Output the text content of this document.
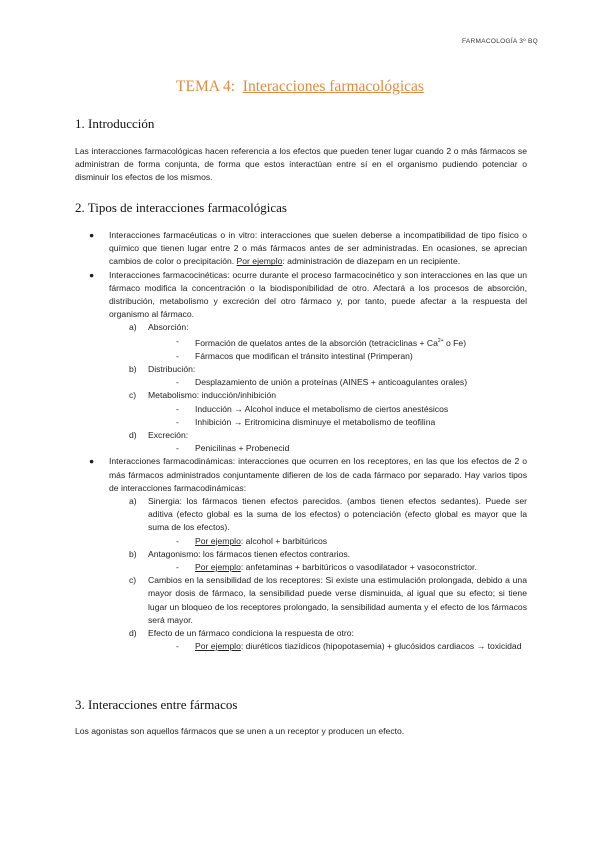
FARMACOLOGÍA 3º BQ
TEMA 4: Interacciones farmacológicas
1. Introducción

Las interacciones farmacológicas hacen referencia a los efectos que pueden tener lugar cuando 2 o más fármacos se administran de forma conjunta, de forma que estos interactúan entre sí en el organismo pudiendo potenciar o disminuir los efectos de los mismos.

2. Tipos de interacciones farmacológicas
● Interacciones farmacéuticas o in vitro: interacciones que suelen deberse a incompatibilidad de tipo físico o químico que tienen lugar entre 2 o más fármacos antes de ser administradas. En ocasiones, se aprecian cambios de color o precipitación. Por ejemplo: administración de diazepam en un recipiente.
● Interacciones farmacocinéticas: ocurre durante el proceso farmacocinético y son interacciones en las que un fármaco modifica la concentración o la biodisponibilidad de otro. Afectará a los procesos de absorción, distribución, metabolismo y excreción del otro fármaco y, por tanto, puede afectar a la respuesta del organismo al fármaco.
a) Absorción:
- Formación de quelatos antes de la absorción (tetraciclinas + $Ca^{2+}$ o Fe)
- Fármacos que modifican el tránsito intestinal (Primperan)
b) Distribución:
- Desplazamiento de unión a proteínas (AINES + anticoagulantes orales)
c) Metabolismo: inducción/inhibición
- Inducción → Alcohol induce el metabolismo de ciertos anestésicos
- Inhibición → Eritromicina disminuye el metabolismo de teofilina
d) Excreción:
- Penicilinas + Probenecid
● Interacciones farmacodinámicas: interacciones que ocurren en los receptores, en las que los efectos de 2 o más fármacos administrados conjuntamente difieren de los de cada fármaco por separado. Hay varios tipos de interacciones farmacodinámicas:
a) Sinergia: los fármacos tienen efectos parecidos. (ambos tienen efectos sedantes). Puede ser aditiva (efecto global es la suma de los efectos) o potenciación (efecto global es mayor que la suma de los efectos).
- Por ejemplo: alcohol + barbitúricos
b) Antagonismo: los fármacos tienen efectos contrarios.
- Por ejemplo: anfetaminas + barbitúricos o vasodilatador + vasoconstrictor.
c) Cambios en la sensibilidad de los receptores: Si existe una estimulación prolongada, debido a una mayor dosis de fármaco, la sensibilidad puede verse disminuida, al igual que su efecto; si tiene lugar un bloqueo de los receptores prolongado, la sensibilidad aumenta y el efecto de los fármacos será mayor.
d) Efecto de un fármaco condiciona la respuesta de otro:
- Por ejemplo: diuréticos tiazídicos (hipopotasemia) + glucósidos cardiacos → toxicidad
3. Interacciones entre fármacos

Los agonistas son aquellos fármacos que se unen a un receptor y producen un efecto.
